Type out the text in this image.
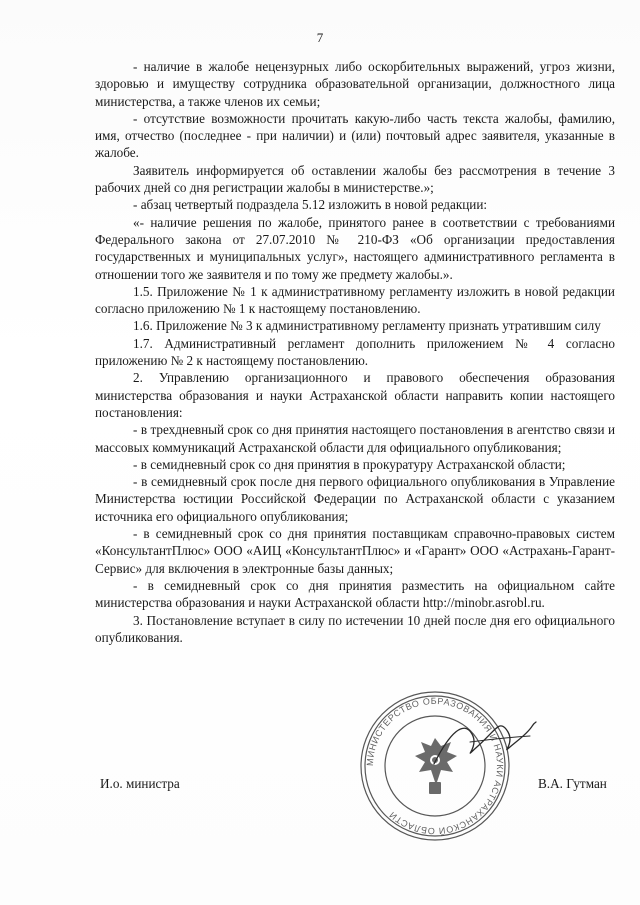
7

- наличие в жалобе нецензурных либо оскорбительных выражений, угроз жизни, здоровью и имуществу сотрудника образовательной организации, должностного лица министерства, а также членов их семьи;

- отсутствие возможности прочитать какую-либо часть текста жалобы, фамилию, имя, отчество (последнее - при наличии) и (или) почтовый адрес заявителя, указанные в жалобе.

Заявитель информируется об оставлении жалобы без рассмотрения в течение 3 рабочих дней со дня регистрации жалобы в министерстве.»;

- абзац четвертый подраздела 5.12 изложить в новой редакции:

«- наличие решения по жалобе, принятого ранее в соответствии с требованиями Федерального закона от 27.07.2010 № 210-ФЗ «Об организации предоставления государственных и муниципальных услуг», настоящего административного регламента в отношении того же заявителя и по тому же предмету жалобы.».

1.5. Приложение № 1 к административному регламенту изложить в новой редакции согласно приложению № 1 к настоящему постановлению.

1.6. Приложение № 3 к административному регламенту признать утратившим силу

1.7. Административный регламент дополнить приложением № 4 согласно приложению № 2 к настоящему постановлению.

2. Управлению организационного и правового обеспечения образования министерства образования и науки Астраханской области направить копии настоящего постановления:

- в трехдневный срок со дня принятия настоящего постановления в агентство связи и массовых коммуникаций Астраханской области для официального опубликования;

- в семидневный срок со дня принятия в прокуратуру Астраханской области;

- в семидневный срок после дня первого официального опубликования в Управление Министерства юстиции Российской Федерации по Астраханской области с указанием источника его официального опубликования;

- в семидневный срок со дня принятия поставщикам справочно-правовых систем «КонсультантПлюс» ООО «АИЦ «КонсультантПлюс» и «Гарант» ООО «Астрахань-Гарант-Сервис» для включения в электронные базы данных;

- в семидневный срок со дня принятия разместить на официальном сайте министерства образования и науки Астраханской области http://minobr.asrobl.ru.

3. Постановление вступает в силу по истечении 10 дней после дня его официального опубликования.

МИНИСТЕРСТВО ОБРАЗОВАНИЯ И НАУКИ АСТРАХАНСКОЙ ОБЛАСТИ
И.о. министра	В.А. Гутман
